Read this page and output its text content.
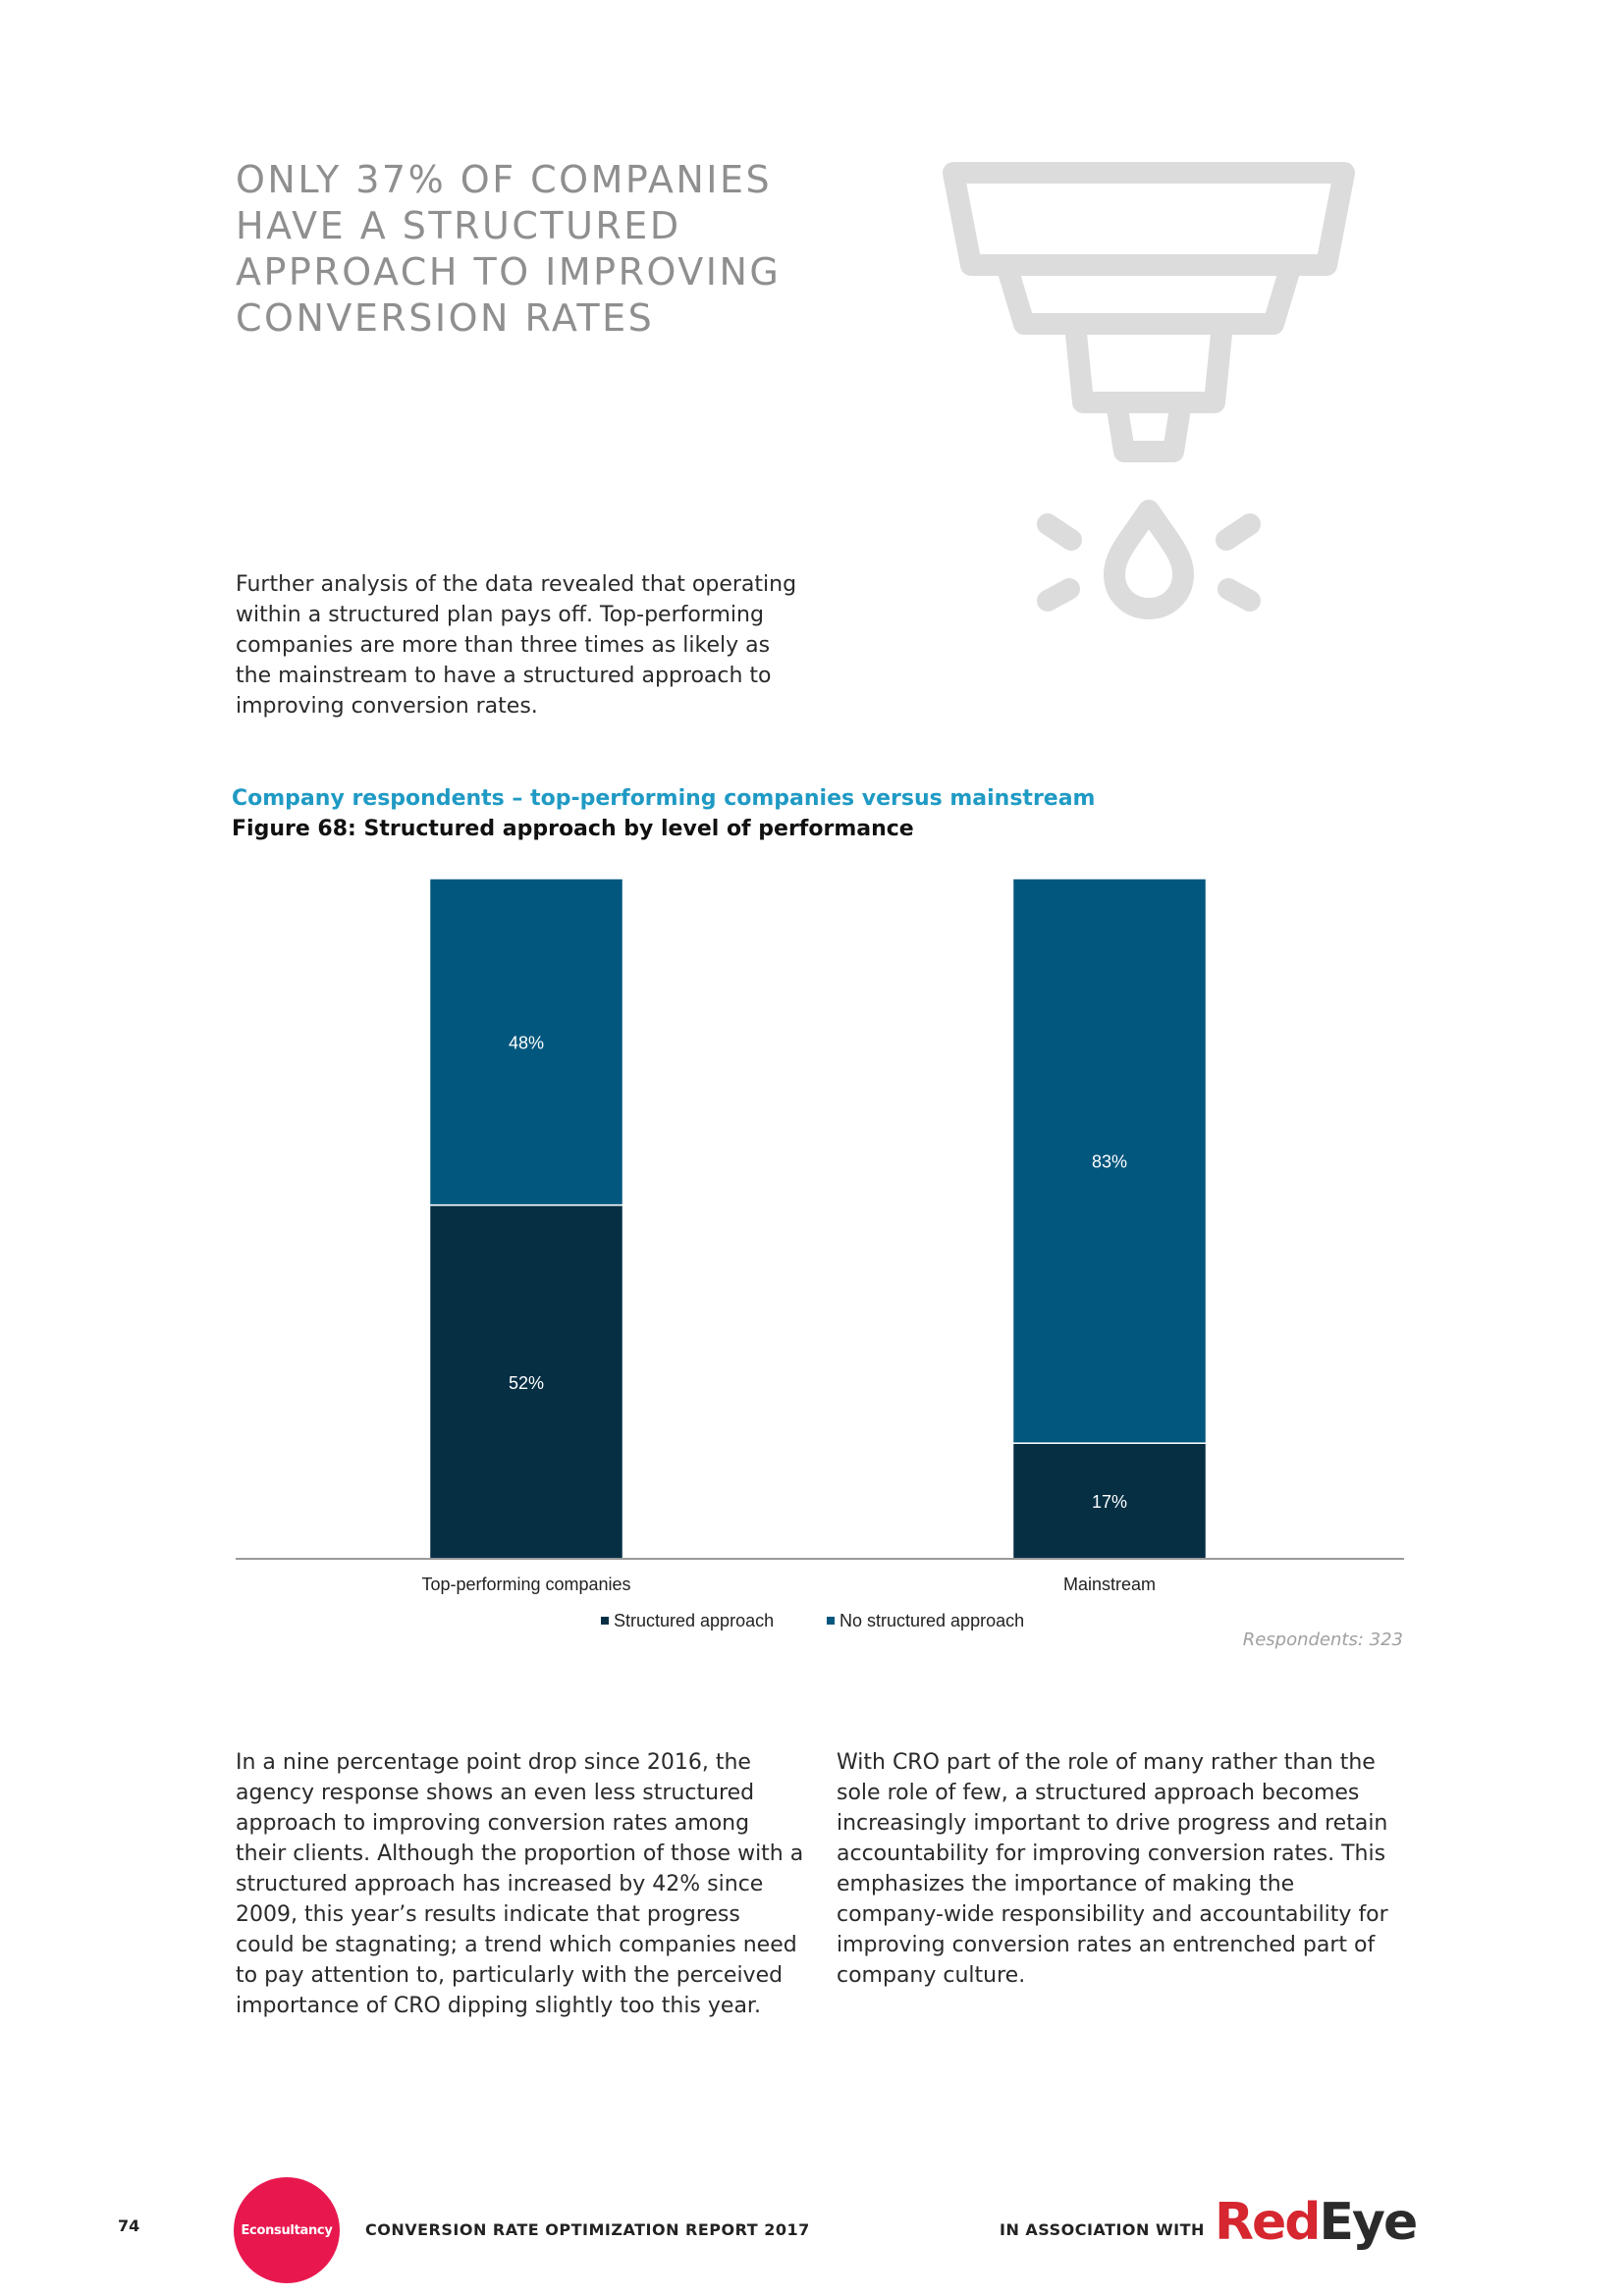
ONLY 37% OF COMPANIES HAVE A STRUCTURED APPROACH TO IMPROVING CONVERSION RATES

Further analysis of the data revealed that operating within a structured plan pays off. Top-performing companies are more than three times as likely as the mainstream to have a structured approach to improving conversion rates.

Company respondents – top-performing companies versus mainstream
Figure 68: Structured approach by level of performance
52%
48%
Top-performing companies
17%
83%
Mainstream
Structured approach	No structured approach
Respondents: 323

In a nine percentage point drop since 2016, the agency response shows an even less structured approach to improving conversion rates among their clients. Although the proportion of those with a structured approach has increased by 42% since 2009, this year’s results indicate that progress could be stagnating; a trend which companies need to pay attention to, particularly with the perceived importance of CRO dipping slightly too this year.

With CRO part of the role of many rather than the sole role of few, a structured approach becomes increasingly important to drive progress and retain accountability for improving conversion rates. This emphasizes the importance of making the company-wide responsibility and accountability for improving conversion rates an entrenched part of company culture.

74	Econsultancy CONVERSION RATE OPTIMIZATION REPORT 2017	IN ASSOCIATION WITH RedEye
